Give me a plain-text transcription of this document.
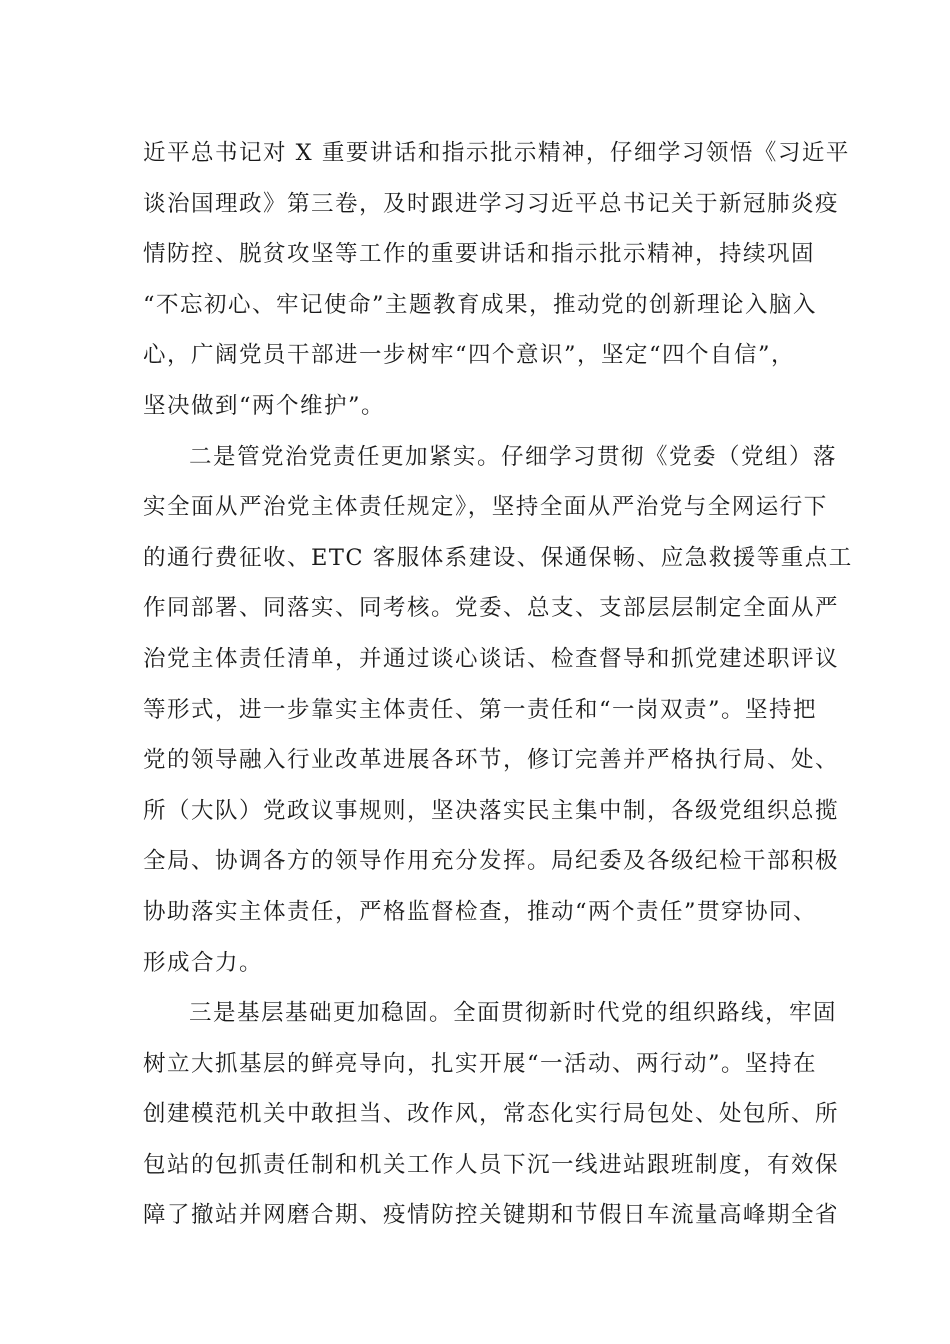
近平总书记对 X 重要讲话和指示批示精神，仔细学习领悟《习近平
谈治国理政》第三卷，及时跟进学习习近平总书记关于新冠肺炎疫
情防控、脱贫攻坚等工作的重要讲话和指示批示精神，持续巩固
“不忘初心、牢记使命”主题教育成果，推动党的创新理论入脑入
心，广阔党员干部进一步树牢“四个意识”，坚定“四个自信”，
坚决做到“两个维护”。
二是管党治党责任更加紧实。仔细学习贯彻《党委（党组）落
实全面从严治党主体责任规定》，坚持全面从严治党与全网运行下
的通行费征收、ETC 客服体系建设、保通保畅、应急救援等重点工
作同部署、同落实、同考核。党委、总支、支部层层制定全面从严
治党主体责任清单，并通过谈心谈话、检查督导和抓党建述职评议
等形式，进一步靠实主体责任、第一责任和“一岗双责”。坚持把
党的领导融入行业改革进展各环节，修订完善并严格执行局、处、
所（大队）党政议事规则，坚决落实民主集中制，各级党组织总揽
全局、协调各方的领导作用充分发挥。局纪委及各级纪检干部积极
协助落实主体责任，严格监督检查，推动“两个责任”贯穿协同、
形成合力。
三是基层基础更加稳固。全面贯彻新时代党的组织路线，牢固
树立大抓基层的鲜亮导向，扎实开展“一活动、两行动”。坚持在
创建模范机关中敢担当、改作风，常态化实行局包处、处包所、所
包站的包抓责任制和机关工作人员下沉一线进站跟班制度，有效保
障了撤站并网磨合期、疫情防控关键期和节假日车流量高峰期全省
